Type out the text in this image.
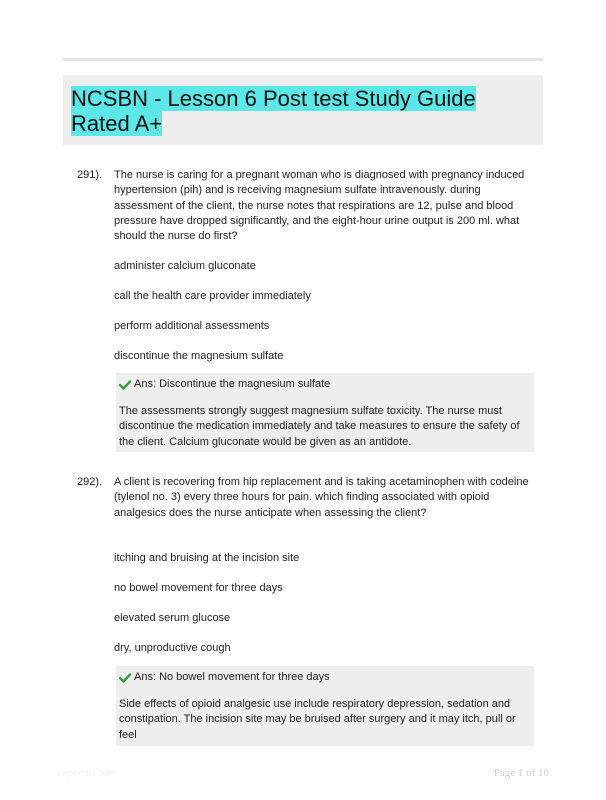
NCSBN - Lesson 6 Post test Study Guide Rated A+
291). The nurse is caring for a pregnant woman who is diagnosed with pregnancy induced hypertension (pih) and is receiving magnesium sulfate intravenously. during assessment of the client, the nurse notes that respirations are 12, pulse and blood pressure have dropped significantly, and the eight-hour urine output is 200 ml. what should the nurse do first?
administer calcium gluconate
call the health care provider immediately
perform additional assessments
discontinue the magnesium sulfate
Ans: Discontinue the magnesium sulfate
The assessments strongly suggest magnesium sulfate toxicity. The nurse must discontinue the medication immediately and take measures to ensure the safety of the client. Calcium gluconate would be given as an antidote.
292). A client is recovering from hip replacement and is taking acetaminophen with codeine (tylenol no. 3) every three hours for pain. which finding associated with opioid analgesics does the nurse anticipate when assessing the client?
itching and bruising at the incision site
no bowel movement for three days
elevated serum glucose
dry, unproductive cough
Ans: No bowel movement for three days
Side effects of opioid analgesic use include respiratory depression, sedation and constipation. The incision site may be bruised after surgery and it may itch, pull or feel
Paperhttc.com	Page 1 of 10
